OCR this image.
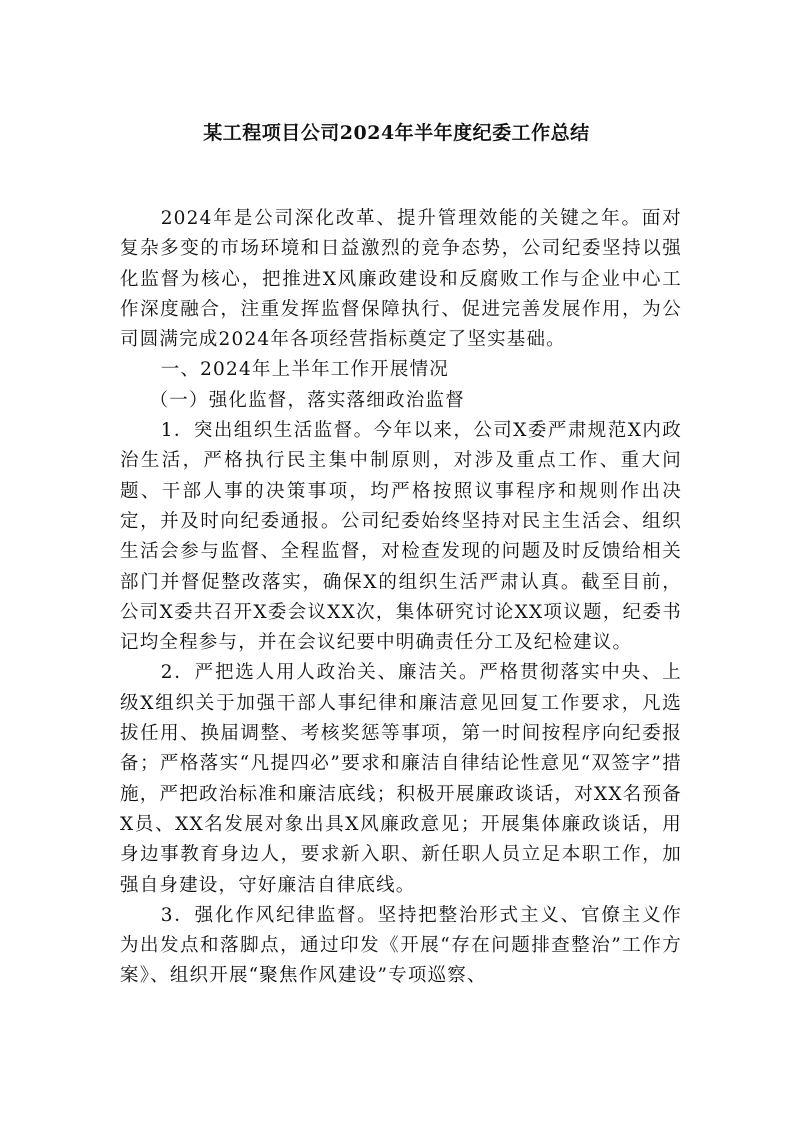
某工程项目公司2024年半年度纪委工作总结

2024年是公司深化改革、提升管理效能的关键之年。面对复杂多变的市场环境和日益激烈的竞争态势，公司纪委坚持以强化监督为核心，把推进X风廉政建设和反腐败工作与企业中心工作深度融合，注重发挥监督保障执行、促进完善发展作用，为公司圆满完成2024年各项经营指标奠定了坚实基础。

一、2024年上半年工作开展情况

（一）强化监督，落实落细政治监督

1．突出组织生活监督。今年以来，公司X委严肃规范X内政治生活，严格执行民主集中制原则，对涉及重点工作、重大问题、干部人事的决策事项，均严格按照议事程序和规则作出决定，并及时向纪委通报。公司纪委始终坚持对民主生活会、组织生活会参与监督、全程监督，对检查发现的问题及时反馈给相关部门并督促整改落实，确保X的组织生活严肃认真。截至目前，公司X委共召开X委会议XX次，集体研究讨论XX项议题，纪委书记均全程参与，并在会议纪要中明确责任分工及纪检建议。

2．严把选人用人政治关、廉洁关。严格贯彻落实中央、上级X组织关于加强干部人事纪律和廉洁意见回复工作要求，凡选拔任用、换届调整、考核奖惩等事项，第一时间按程序向纪委报备；严格落实“凡提四必”要求和廉洁自律结论性意见“双签字”措施，严把政治标准和廉洁底线；积极开展廉政谈话，对XX名预备X员、XX名发展对象出具X风廉政意见；开展集体廉政谈话，用身边事教育身边人，要求新入职、新任职人员立足本职工作，加强自身建设，守好廉洁自律底线。

3．强化作风纪律监督。坚持把整治形式主义、官僚主义作为出发点和落脚点，通过印发《开展“存在问题排查整治”工作方案》、组织开展“聚焦作风建设”专项巡察、
